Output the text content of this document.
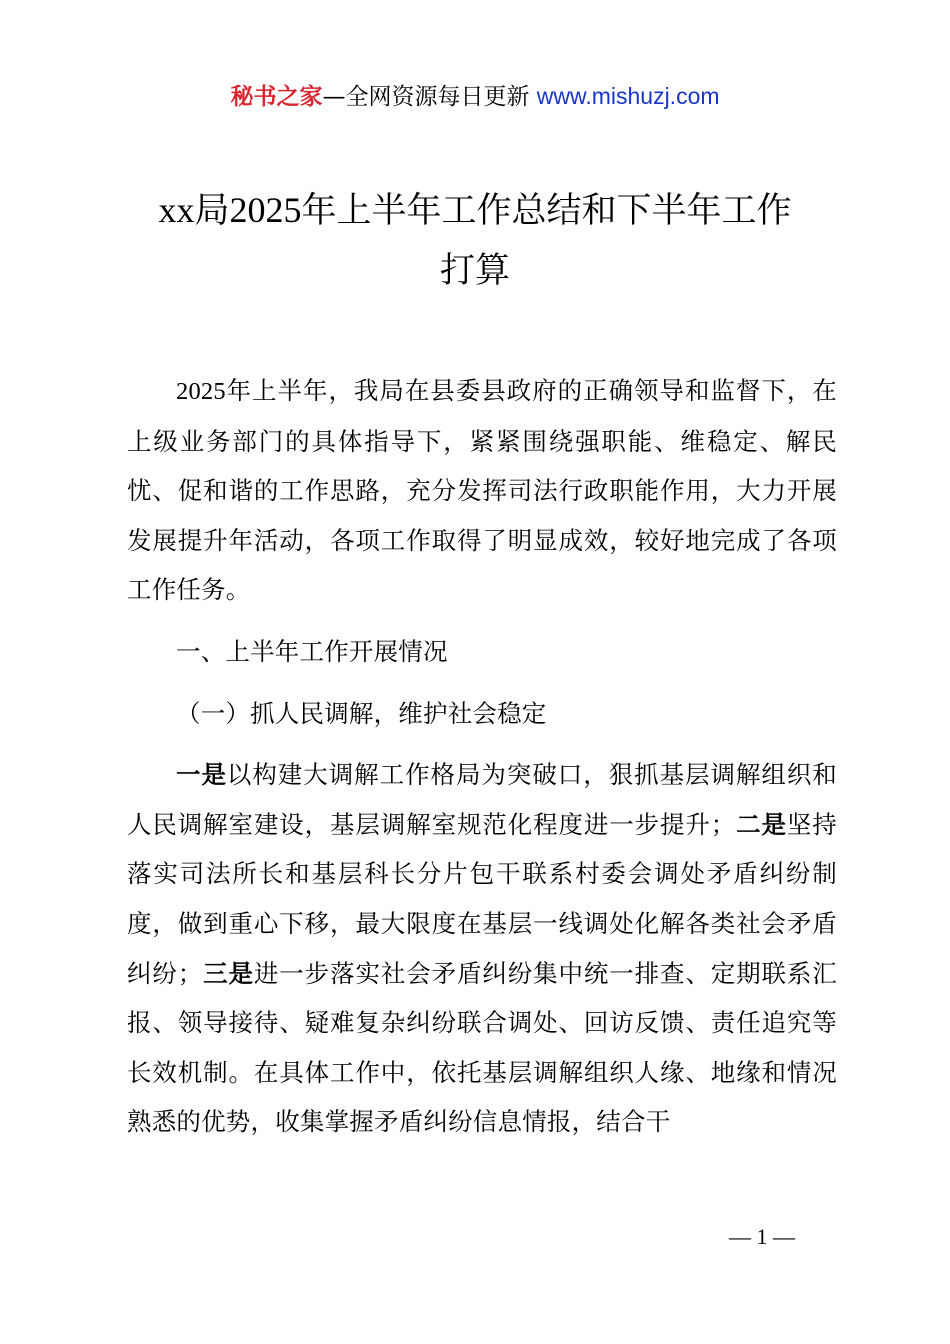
秘书之家—全网资源每日更新 www.mishuzj.com
xx局2025年上半年工作总结和下半年工作
打算

2025年上半年，我局在县委县政府的正确领导和监督下，在上级业务部门的具体指导下，紧紧围绕强职能、维稳定、解民忧、促和谐的工作思路，充分发挥司法行政职能作用，大力开展发展提升年活动，各项工作取得了明显成效，较好地完成了各项工作任务。

一、上半年工作开展情况

（一）抓人民调解，维护社会稳定

一是以构建大调解工作格局为突破口，狠抓基层调解组织和人民调解室建设，基层调解室规范化程度进一步提升；二是坚持落实司法所长和基层科长分片包干联系村委会调处矛盾纠纷制度，做到重心下移，最大限度在基层一线调处化解各类社会矛盾纠纷；三是进一步落实社会矛盾纠纷集中统一排查、定期联系汇报、领导接待、疑难复杂纠纷联合调处、回访反馈、责任追究等长效机制。在具体工作中，依托基层调解组织人缘、地缘和情况熟悉的优势，收集掌握矛盾纠纷信息情报，结合干

— 1 —
